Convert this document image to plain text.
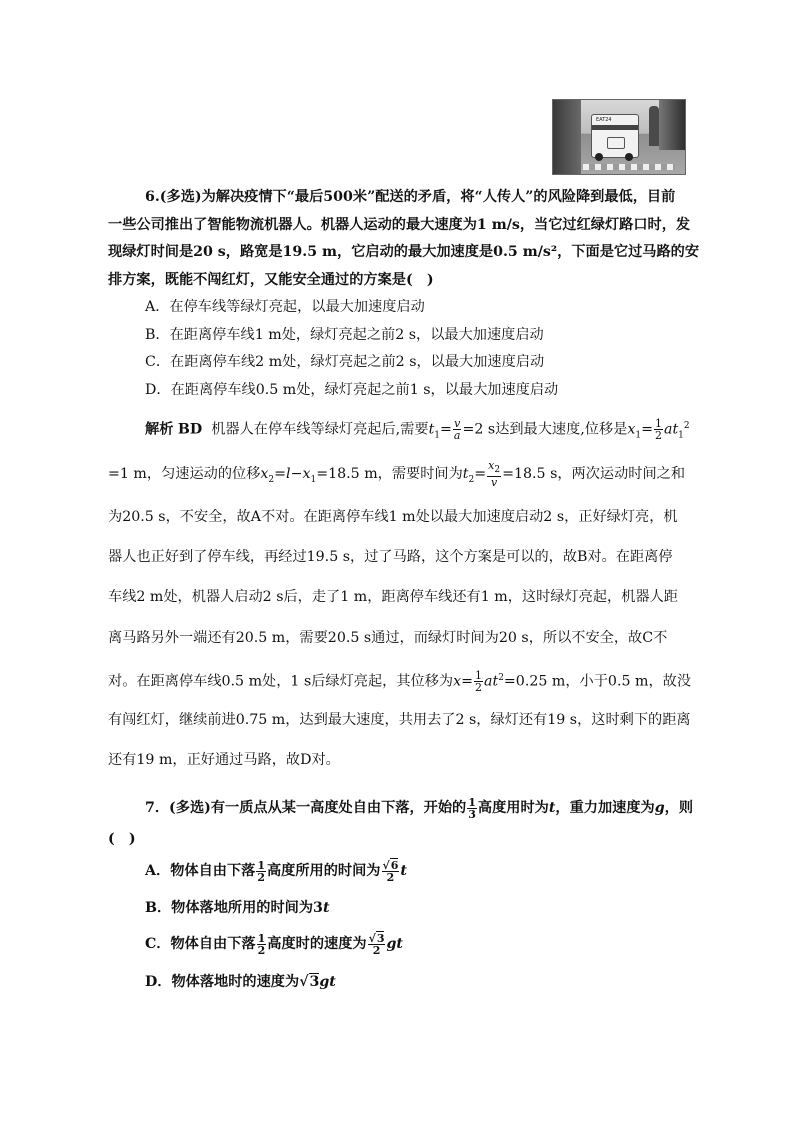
EAT24
6.(多选)为解决疫情下“最后500米”配送的矛盾，将“人传人”的风险降到最低，目前
一些公司推出了智能物流机器人。机器人运动的最大速度为1 m/s，当它过红绿灯路口时，发
现绿灯时间是20 s，路宽是19.5 m，它启动的最大加速度是0.5 m/s²，下面是它过马路的安
排方案，既能不闯红灯，又能安全通过的方案是(　)
A．在停车线等绿灯亮起，以最大加速度启动
B．在距离停车线1 m处，绿灯亮起之前2 s，以最大加速度启动
C．在距离停车线2 m处，绿灯亮起之前2 s，以最大加速度启动
D．在距离停车线0.5 m处，绿灯亮起之前1 s，以最大加速度启动
解析 BD 机器人在停车线等绿灯亮起后,需要$t_1= \frac{v}{a} =2$ s达到最大速度,位移是$x_1= \frac{1}{2} at_1^2$
=1 m，匀速运动的位移$x_2=l-x_1=18.5$ m，需要时间为$t_2= \frac{x_2}{v} =18.5$ s，两次运动时间之和
为20.5 s，不安全，故A不对。在距离停车线1 m处以最大加速度启动2 s，正好绿灯亮，机
器人也正好到了停车线，再经过19.5 s，过了马路，这个方案是可以的，故B对。在距离停
车线2 m处，机器人启动2 s后，走了1 m，距离停车线还有1 m，这时绿灯亮起，机器人距
离马路另外一端还有20.5 m，需要20.5 s通过，而绿灯时间为20 s，所以不安全，故C不
对。在距离停车线0.5 m处，1 s后绿灯亮起，其位移为$x= \frac{1}{2} at^2=0.25$ m，小于0.5 m，故没
有闯红灯，继续前进0.75 m，达到最大速度，共用去了2 s，绿灯还有19 s，这时剩下的距离
还有19 m，正好通过马路，故D对。
7．(多选)有一质点从某一高度处自由下落，开始的 $\frac{1}{3}$ 高度用时为t，重力加速度为g，则
(　)
A．物体自由下落 $\frac{1}{2}$ 高度所用的时间为 $\frac{√6}{2}$ t
B．物体落地所用的时间为3t
C．物体自由下落 $\frac{1}{2}$ 高度时的速度为 $\frac{√3}{2}$ gt
D．物体落地时的速度为√3gt
